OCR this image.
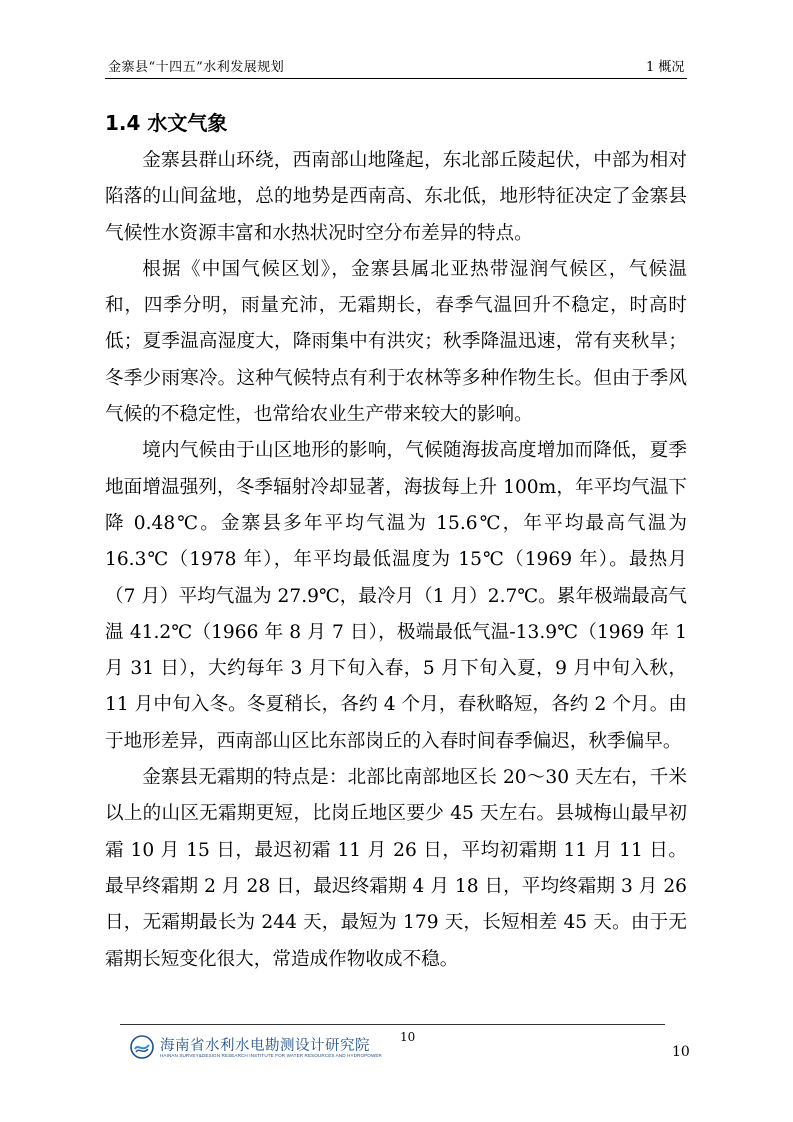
金寨县“十四五”水利发展规划	1 概况
1.4 水文气象

金寨县群山环绕，西南部山地隆起，东北部丘陵起伏，中部为相对陷落的山间盆地，总的地势是西南高、东北低，地形特征决定了金寨县气候性水资源丰富和水热状况时空分布差异的特点。

根据《中国气候区划》，金寨县属北亚热带湿润气候区，气候温和，四季分明，雨量充沛，无霜期长，春季气温回升不稳定，时高时低；夏季温高湿度大，降雨集中有洪灾；秋季降温迅速，常有夹秋旱；冬季少雨寒冷。这种气候特点有利于农林等多种作物生长。但由于季风气候的不稳定性，也常给农业生产带来较大的影响。

境内气候由于山区地形的影响，气候随海拔高度增加而降低，夏季地面增温强列，冬季辐射冷却显著，海拔每上升 100m，年平均气温下降 0.48℃。金寨县多年平均气温为 15.6℃，年平均最高气温为 16.3℃（1978 年），年平均最低温度为 15℃（1969 年）。最热月（7 月）平均气温为 27.9℃，最冷月（1 月）2.7℃。累年极端最高气温 41.2℃（1966 年 8 月 7 日），极端最低气温-13.9℃（1969 年 1 月 31 日），大约每年 3 月下旬入春，5 月下旬入夏，9 月中旬入秋，11 月中旬入冬。冬夏稍长，各约 4 个月，春秋略短，各约 2 个月。由于地形差异，西南部山区比东部岗丘的入春时间春季偏迟，秋季偏早。

金寨县无霜期的特点是：北部比南部地区长 20～30 天左右，千米以上的山区无霜期更短，比岗丘地区要少 45 天左右。县城梅山最早初霜 10 月 15 日，最迟初霜 11 月 26 日，平均初霜期 11 月 11 日。最早终霜期 2 月 28 日，最迟终霜期 4 月 18 日，平均终霜期 3 月 26 日，无霜期最长为 244 天，最短为 179 天，长短相差 45 天。由于无霜期长短变化很大，常造成作物收成不稳。

海南省水利水电勘测设计研究院
HAINAN SURVEY&DESIGN RESEARCH INSTITUTE FOR WATER RESOURCES AND HYDROPOWER
10
10
